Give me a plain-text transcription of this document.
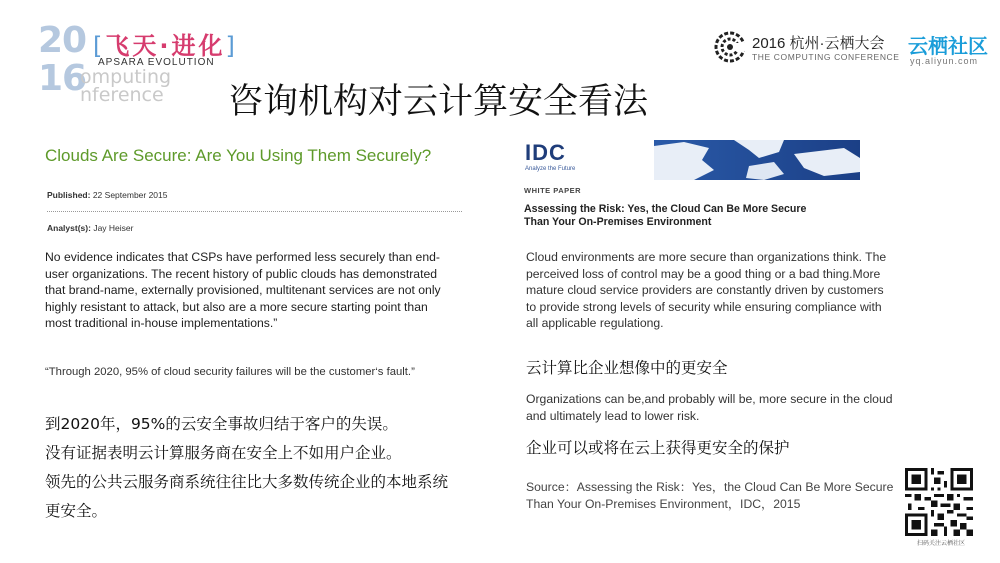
20
16
omputing
nference
[飞天·进化]
APSARA EVOLUTION
2016 杭州·云栖大会
THE COMPUTING CONFERENCE 云栖社区
yq.aliyun.com
咨询机构对云计算安全看法
Clouds Are Secure: Are You Using Them Securely?
Published: 22 September 2015
Analyst(s): Jay Heiser
No evidence indicates that CSPs have performed less securely than end-user organizations. The recent history of public clouds has demonstrated that brand-name, externally provisioned, multitenant services are not only highly resistant to attack, but also are a more secure starting point than most traditional in-house implementations.”
“Through 2020, 95% of cloud security failures will be the customer‘s fault.”
到2020年，95%的云安全事故归结于客户的失误。
没有证据表明云计算服务商在安全上不如用户企业。
领先的公共云服务商系统往往比大多数传统企业的本地系统
更安全。
IDC
Analyze the Future
WHITE PAPER
Assessing the Risk: Yes, the Cloud Can Be More Secure Than Your On-Premises Environment
Cloud environments are more secure than organizations think. The perceived loss of control may be a good thing or a bad thing.More mature cloud service providers are constantly driven by customers to provide strong levels of security while ensuring compliance with all applicable regulationg.
云计算比企业想像中的更安全
Organizations can be,and probably will be, more secure in the cloud and ultimately lead to lower risk.
企业可以或将在云上获得更安全的保护
Source：Assessing the Risk：Yes，the Cloud Can Be More Secure Than Your On-Premises Environment，IDC，2015
扫码关注云栖社区
